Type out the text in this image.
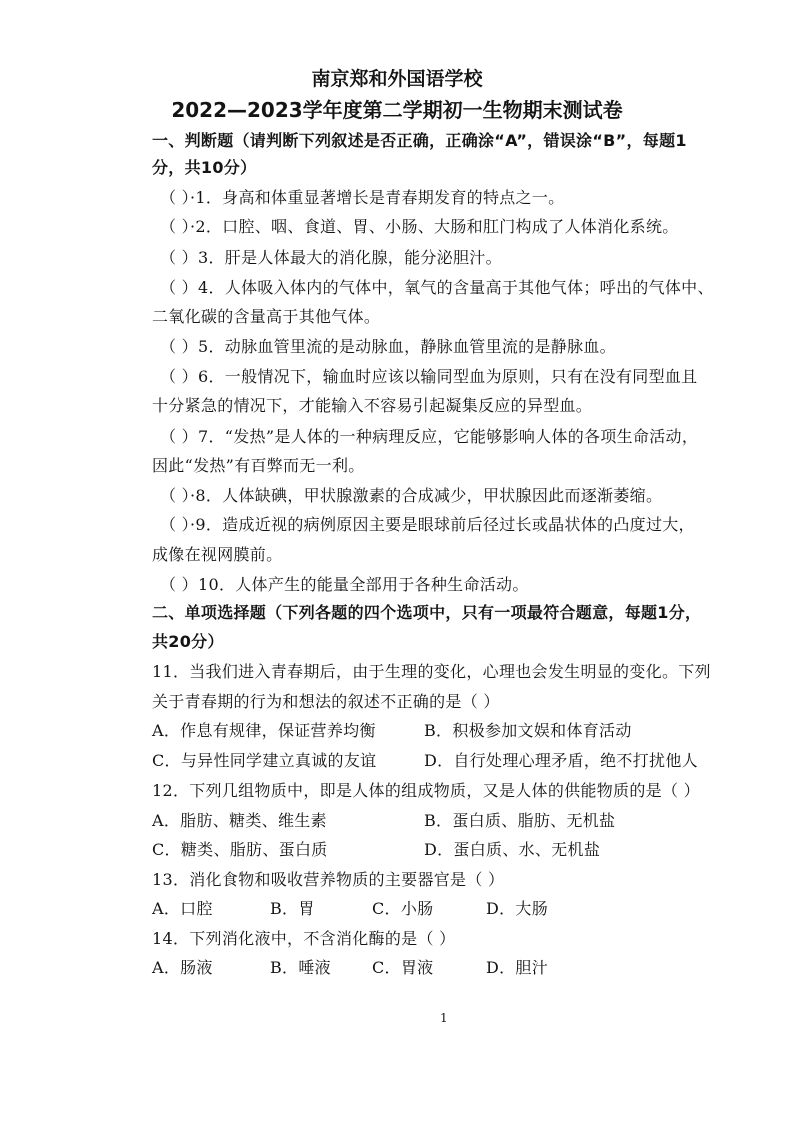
南京郑和外国语学校
2022—2023学年度第二学期初一生物期末测试卷
一、判断题（请判断下列叙述是否正确，正确涂“A”，错误涂“B”，每题1
分，共10分）
（ ）·1．身高和体重显著增长是青春期发育的特点之一。
（ ）·2．口腔、咽、食道、胃、小肠、大肠和肛门构成了人体消化系统。
（ ）3．肝是人体最大的消化腺，能分泌胆汁。
（ ）4．人体吸入体内的气体中，氧气的含量高于其他气体；呼出的气体中、
二氧化碳的含量高于其他气体。
（ ）5．动脉血管里流的是动脉血，静脉血管里流的是静脉血。
（ ）6．一般情况下，输血时应该以输同型血为原则，只有在没有同型血且
十分紧急的情况下，才能输入不容易引起凝集反应的异型血。
（ ）7．“发热”是人体的一种病理反应，它能够影响人体的各项生命活动，
因此“发热”有百弊而无一利。
（ ）·8．人体缺碘，甲状腺激素的合成减少，甲状腺因此而逐渐萎缩。
（ ）·9．造成近视的病例原因主要是眼球前后径过长或晶状体的凸度过大，
成像在视网膜前。
（ ）10．人体产生的能量全部用于各种生命活动。
二、单项选择题（下列各题的四个选项中，只有一项最符合题意，每题1分，
共20分）
11．当我们进入青春期后，由于生理的变化，心理也会发生明显的变化。下列
关于青春期的行为和想法的叙述不正确的是（ ）
A．作息有规律，保证营养均衡	B．积极参加文娱和体育活动
C．与异性同学建立真诚的友谊	D．自行处理心理矛盾，绝不打扰他人
12．下列几组物质中，即是人体的组成物质，又是人体的供能物质的是（ ）
A．脂肪、糖类、维生素	B．蛋白质、脂肪、无机盐
C．糖类、脂肪、蛋白质	D．蛋白质、水、无机盐
13．消化食物和吸收营养物质的主要器官是（ ）
A．口腔	B．胃	C．小肠	D．大肠
14．下列消化液中，不含消化酶的是（ ）
A．肠液	B．唾液	C．胃液	D．胆汁
1
